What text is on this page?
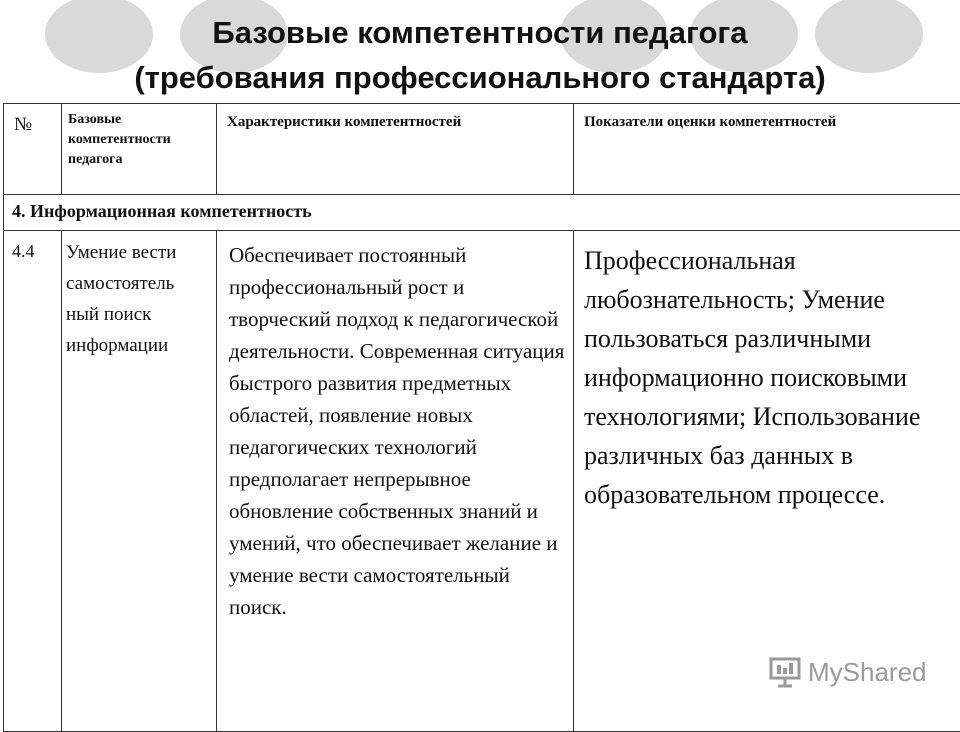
Базовые компетентности педагога
(требования профессионального стандарта)
№	Базовые компетентности педагога	Характеристики компетентностей	Показатели оценки компетентностей
4. Информационная компетентность			
4.4	Умение вести самостоятель ный поиск информации	Обеспечивает постоянный профессиональный рост и творческий подход к педагогической деятельности. Современная ситуация быстрого развития предметных областей, появление новых педагогических технологий предполагает непрерывное обновление собственных знаний и умений, что обеспечивает желание и умение вести самостоятельный поиск.	Профессиональная любознательность; Умение пользоваться различными информационно поисковыми технологиями; Использование различных баз данных в образовательном процессе.
MyShared
